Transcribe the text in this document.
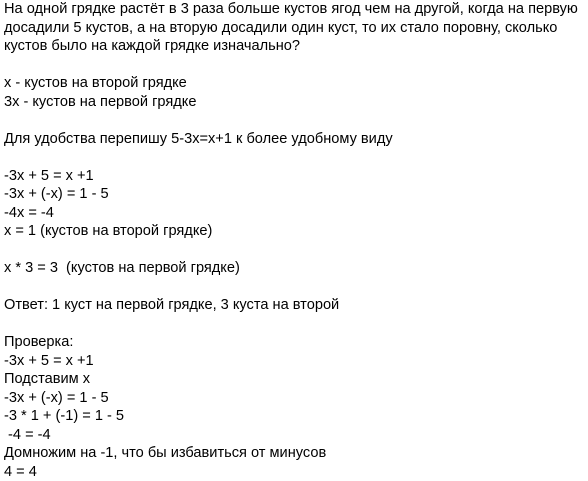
На одной грядке растёт в 3 раза больше кустов ягод чем на другой, когда на первую
досадили 5 кустов, а на вторую досадили один куст, то их стало поровну, сколько
кустов было на каждой грядке изначально?
x - кустов на второй грядке
3x - кустов на первой грядке
Для удобства перепишу 5-3x=x+1 к более удобному виду
-3x + 5 = x +1
-3x + (-x) = 1 - 5
-4x = -4
x = 1 (кустов на второй грядке)
x * 3 = 3  (кустов на первой грядке)
Ответ: 1 куст на первой грядке, 3 куста на второй
Проверка:
-3x + 5 = x +1
Подставим x
-3x + (-x) = 1 - 5
-3 * 1 + (-1) = 1 - 5
-4 = -4
Домножим на -1, что бы избавиться от минусов
4 = 4
